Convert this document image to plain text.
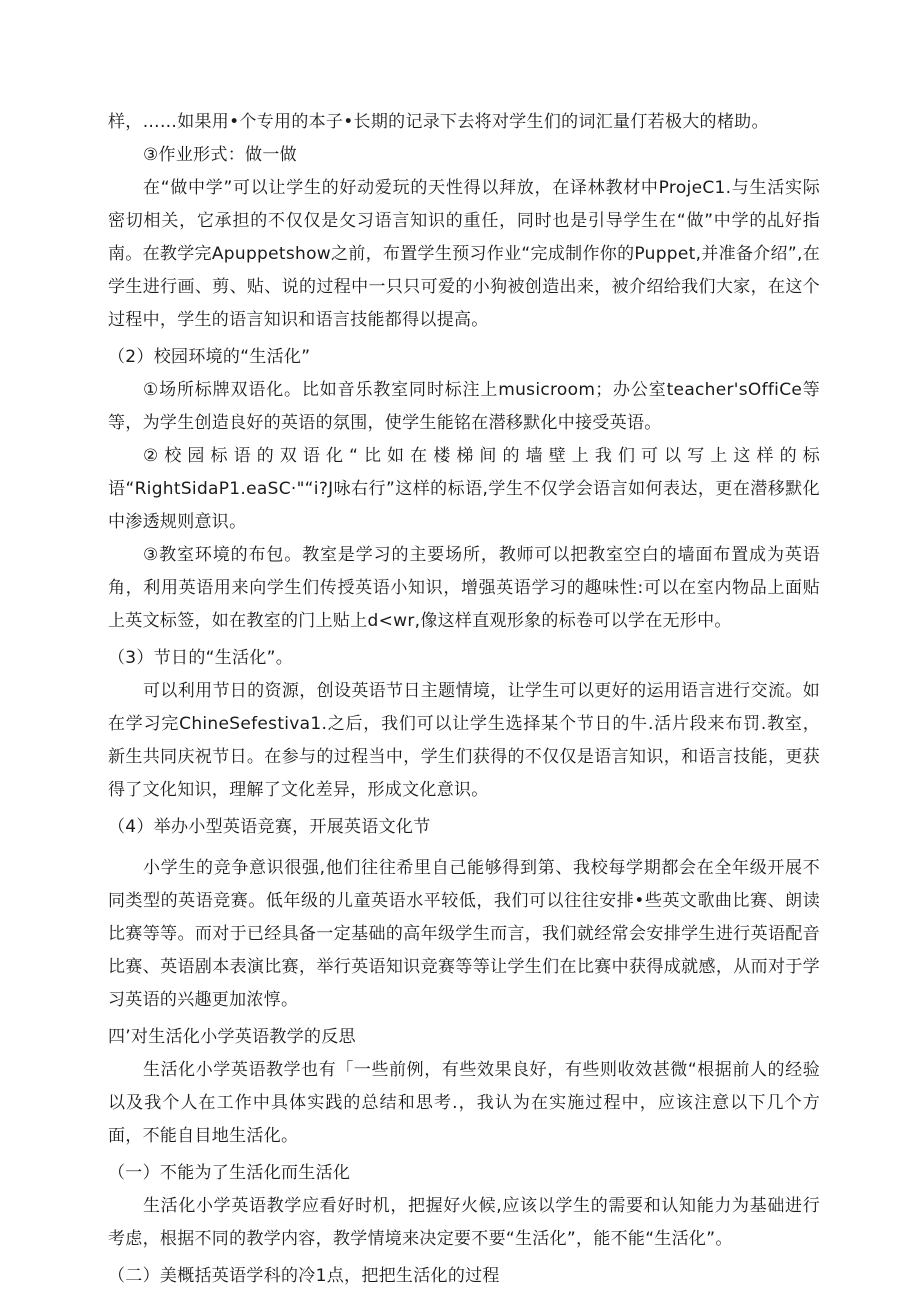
样，……如果用•个专用的本子•长期的记录下去将对学生们的词汇量仃若极大的楮助。

③作业形式：做一做

在“做中学”可以让学生的好动爱玩的天性得以拜放，在译林教材中ProjeC1.与生活实际密切相关，它承担的不仅仅是攵习语言知识的重任，同时也是引导学生在“做”中学的乩好指南。在教学完Apuppetshow之前，布置学生预习作业“完成制作你的Puppet,并准备介绍”,在学生进行画、剪、贴、说的过程中一只只可爱的小狗被创造出来，被介绍给我们大家，在这个过程中，学生的语言知识和语言技能都得以提高。

（2）校园环境的“生活化”

①场所标牌双语化。比如音乐教室同时标注上musicroom；办公室teacher'sOffiCe等等，为学生创造良好的英语的氛围，使学生能铭在潜移默化中接受英语。

②校园标语的双语化“比如在楼梯间的墙壁上我们可以写上这样的标语“RightSidaP1.eaSC·"“i?J咏右行”这样的标语,学生不仅学会语言如何表达，更在潜移默化中渗透规则意识。

③教室环境的布包。教室是学习的主要场所，教师可以把教室空白的墙面布置成为英语角，利用英语用来向学生们传授英语小知识，增强英语学习的趣味性:可以在室内物品上面贴上英文标签，如在教室的门上贴上d<wr,像这样直观形象的标卷可以学在无形中。

（3）节日的“生活化”。

可以利用节日的资源，创设英语节日主题情境，让学生可以更好的运用语言进行交流。如在学习完ChineSefestiva1.之后，我们可以让学生选择某个节日的牛.活片段来布罚.教室，新生共同庆祝节日。在参与的过程当中，学生们获得的不仅仅是语言知识，和语言技能，更获得了文化知识，理解了文化差异，形成文化意识。

（4）举办小型英语竞赛，开展英语文化节

小学生的竞争意识很强,他们往往希里自己能够得到第、我校每学期都会在全年级开展不同类型的英语竞赛。低年级的儿童英语水平较低，我们可以往往安排•些英文歌曲比赛、朗读比赛等等。而对于已经具备一定基础的高年级学生而言，我们就经常会安排学生进行英语配音比赛、英语剧本表演比赛，举行英语知识竞赛等等让学生们在比赛中获得成就感，从而对于学习英语的兴趣更加浓惇。

四’对生活化小学英语教学的反思

生活化小学英语教学也有「一些前例，有些效果良好，有些则收效甚微“根据前人的经验以及我个人在工作中具体实践的总结和思考.，我认为在实施过程中，应该注意以下几个方面，不能自目地生活化。

（一）不能为了生活化而生活化

生活化小学英语教学应看好时机，把握好火候,应该以学生的需要和认知能力为基础进行考虑，根据不同的教学内容，教学情境来决定要不要“生活化”，能不能“生活化”。

（二）美概括英语学科的冷1点，把把生活化的过程
